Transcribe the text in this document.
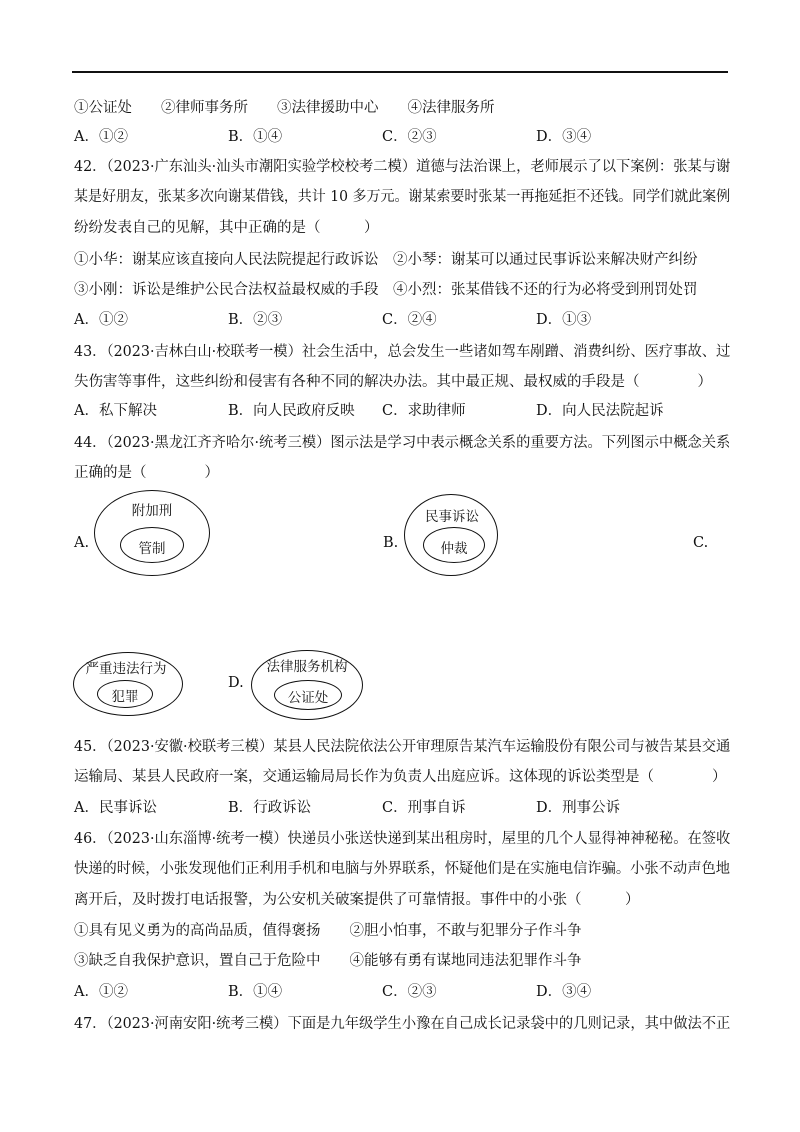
①公证处　　②律师事务所　　③法律援助中心　　④法律服务所
A．①②	B．①④	C．②③	D．③④
42．（2023·广东汕头·汕头市潮阳实验学校校考二模）道德与法治课上，老师展示了以下案例：张某与谢
某是好朋友，张某多次向谢某借钱，共计 10 多万元。谢某索要时张某一再拖延拒不还钱。同学们就此案例
纷纷发表自己的见解，其中正确的是（　　　）
①小华：谢某应该直接向人民法院提起行政诉讼　②小琴：谢某可以通过民事诉讼来解决财产纠纷
③小刚：诉讼是维护公民合法权益最权威的手段　④小烈：张某借钱不还的行为必将受到刑罚处罚
A．①②	B．②③	C．②④	D．①③
43．（2023·吉林白山·校联考一模）社会生活中，总会发生一些诸如驾车剐蹭、消费纠纷、医疗事故、过
失伤害等事件，这些纠纷和侵害有各种不同的解决办法。其中最正规、最权威的手段是（　　　　）
A．私下解决	B．向人民政府反映 C．求助律师	D．向人民法院起诉
44．（2023·黑龙江齐齐哈尔·统考三模）图示法是学习中表示概念关系的重要方法。下列图示中概念关系
正确的是（　　　　）
A.
附加刑
管制	B.
民事诉讼
仲裁	C.
严重违法行为
犯罪
D.
法律服务机构
公证处
45．（2023·安徽·校联考三模）某县人民法院依法公开审理原告某汽车运输股份有限公司与被告某县交通
运输局、某县人民政府一案，交通运输局局长作为负责人出庭应诉。这体现的诉讼类型是（　　　　）
A．民事诉讼	B．行政诉讼	C．刑事自诉	D．刑事公诉
46．（2023·山东淄博·统考一模）快递员小张送快递到某出租房时，屋里的几个人显得神神秘秘。在签收
快递的时候，小张发现他们正利用手机和电脑与外界联系，怀疑他们是在实施电信诈骗。小张不动声色地
离开后，及时拨打电话报警，为公安机关破案提供了可靠情报。事件中的小张（　　　）
①具有见义勇为的高尚品质，值得褒扬　　②胆小怕事，不敢与犯罪分子作斗争
③缺乏自我保护意识，置自己于危险中　　④能够有勇有谋地同违法犯罪作斗争
A．①②	B．①④	C．②③	D．③④
47．（2023·河南安阳·统考三模）下面是九年级学生小豫在自己成长记录袋中的几则记录，其中做法不正
